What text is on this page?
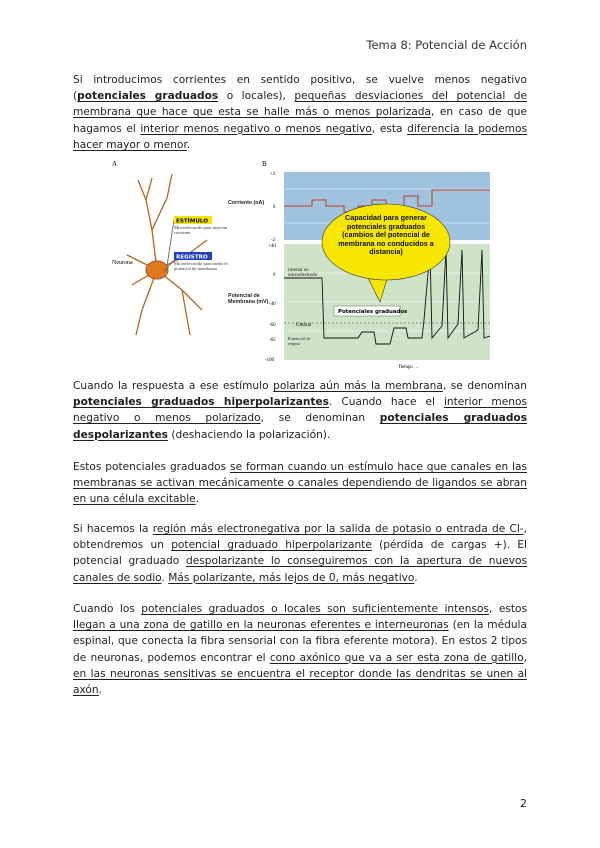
Tema 8: Potencial de Acción
Si introducimos corrientes en sentido positivo, se vuelve menos negativo (potenciales graduados o locales), pequeñas desviaciones del potencial de membrana que hace que esta se halle más o menos polarizada, en caso de que hagamos el interior menos negativo o menos negativo, esta diferencia la podemos hacer mayor o menor.
A
Neurona
ESTÍMULO
Microelectrodo para inyectar corriente
REGISTRO
Microelectrodo para medir el potencial de membrana
B
Corriente (nA)
Potencial de Membrana (mV)
+2
0
-2
+40
0
-40
-60
-65
-100
Insertar un microelectrodo
Potenciales graduados
Umbral
Potencial de reposo
Tiempo →
Capacidad para generar potenciales graduados (cambios del potencial de membrana no conducidos a distancia)
Cuando la respuesta a ese estímulo polariza aún más la membrana, se denominan potenciales graduados hiperpolarizantes. Cuando hace el interior menos negativo o menos polarizado, se denominan potenciales graduados despolarizantes (deshaciendo la polarización).
Estos potenciales graduados se forman cuando un estímulo hace que canales en las membranas se activan mecánicamente o canales dependiendo de ligandos se abran en una célula excitable.
Si hacemos la región más electronegativa por la salida de potasio o entrada de Cl-, obtendremos un potencial graduado hiperpolarizante (pérdida de cargas +). El potencial graduado despolarizante lo conseguiremos con la apertura de nuevos canales de sodio. Más polarizante, más lejos de 0, más negativo.
Cuando los potenciales graduados o locales son suficientemente intensos, estos llegan a una zona de gatillo en la neuronas eferentes e interneuronas (en la médula espinal, que conecta la fibra sensorial con la fibra eferente motora). En estos 2 tipos de neuronas, podemos encontrar el cono axónico que va a ser esta zona de gatillo, en las neuronas sensitivas se encuentra el receptor donde las dendritas se unen al axón.
2
